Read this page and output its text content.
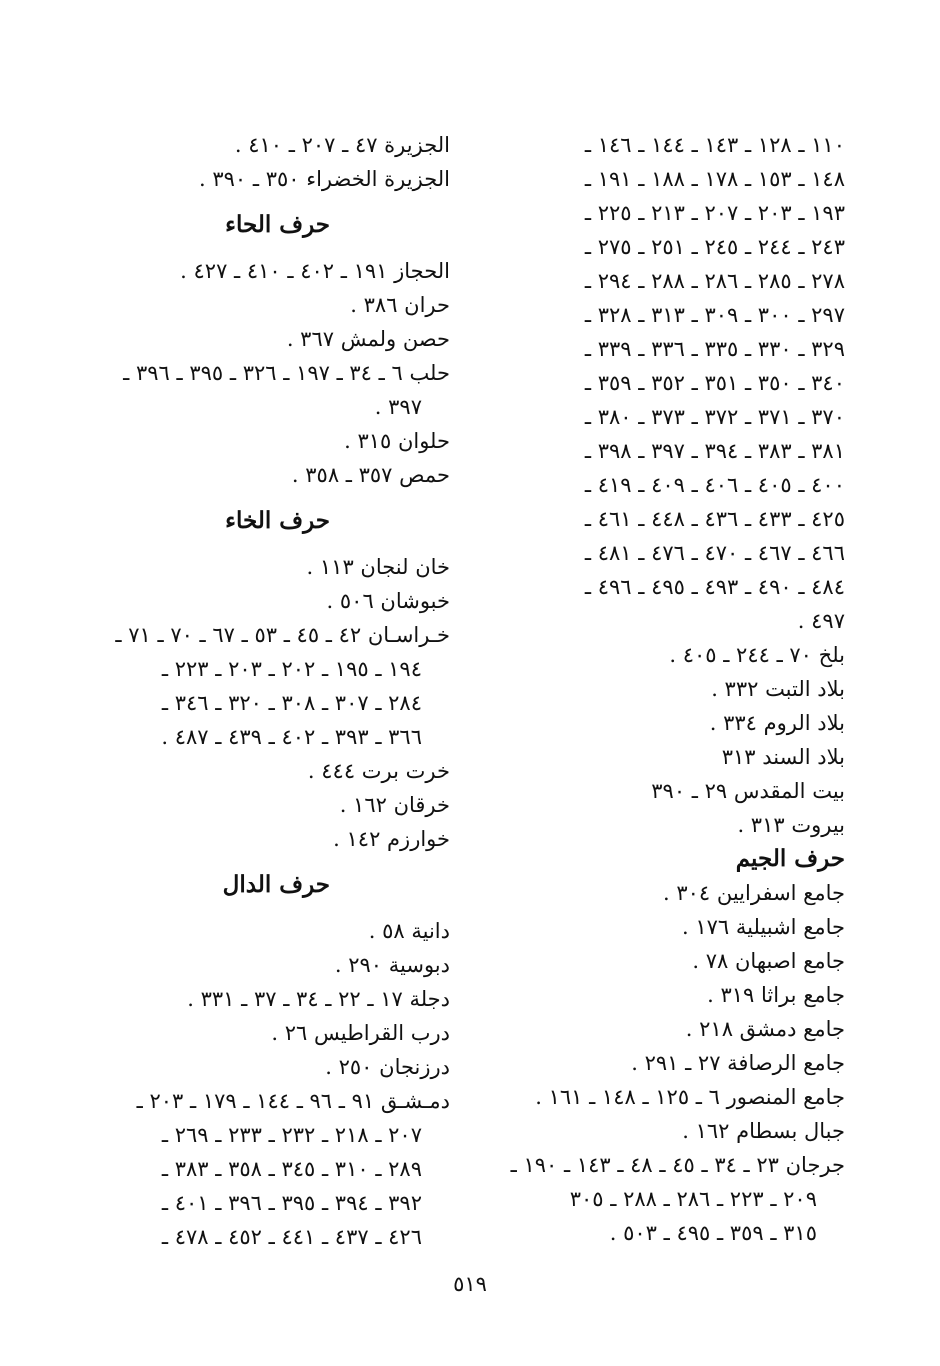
الجزيرة ٤٧ ـ ٢٠٧ ـ ٤١٠ .
الجزيرة الخضراء ٣٥٠ ـ ٣٩٠ .
حرف الحاء
الحجاز ١٩١ ـ ٤٠٢ ـ ٤١٠ ـ ٤٢٧ .
حران ٣٨٦ .
حصن ولمش ٣٦٧ .
حلب ٦ ـ ٣٤ ـ ١٩٧ ـ ٣٢٦ ـ ٣٩٥ ـ ٣٩٦ ـ
٣٩٧ .
حلوان ٣١٥ .
حمص ٣٥٧ ـ ٣٥٨ .
حرف الخاء
خان لنجان ١١٣ .
خبوشان ٥٠٦ .
خـراسـان ٤٢ ـ ٤٥ ـ ٥٣ ـ ٦٧ ـ ٧٠ ـ ٧١ ـ
١٩٤ ـ ١٩٥ ـ ٢٠٢ ـ ٢٠٣ ـ ٢٢٣ ـ
٢٨٤ ـ ٣٠٧ ـ ٣٠٨ ـ ٣٢٠ ـ ٣٤٦ ـ
٣٦٦ ـ ٣٩٣ ـ ٤٠٢ ـ ٤٣٩ ـ ٤٨٧ .
خرت برت ٤٤٤ .
خرقان ١٦٢ .
خوارزم ١٤٢ .
حرف الدال
دانية ٥٨ .
دبوسية ٢٩٠ .
دجلة ١٧ ـ ٢٢ ـ ٣٤ ـ ٣٧ ـ ٣٣١ .
درب القراطيس ٢٦ .
درزنجان ٢٥٠ .
دمـشـق ٩١ ـ ٩٦ ـ ١٤٤ ـ ١٧٩ ـ ٢٠٣ ـ
٢٠٧ ـ ٢١٨ ـ ٢٣٢ ـ ٢٣٣ ـ ٢٦٩ ـ
٢٨٩ ـ ٣١٠ ـ ٣٤٥ ـ ٣٥٨ ـ ٣٨٣ ـ
٣٩٢ ـ ٣٩٤ ـ ٣٩٥ ـ ٣٩٦ ـ ٤٠١ ـ
٤٢٦ ـ ٤٣٧ ـ ٤٤١ ـ ٤٥٢ ـ ٤٧٨ ـ
١١٠ ـ ١٢٨ ـ ١٤٣ ـ ١٤٤ ـ ١٤٦ ـ
١٤٨ ـ ١٥٣ ـ ١٧٨ ـ ١٨٨ ـ ١٩١ ـ
١٩٣ ـ ٢٠٣ ـ ٢٠٧ ـ ٢١٣ ـ ٢٢٥ ـ
٢٤٣ ـ ٢٤٤ ـ ٢٤٥ ـ ٢٥١ ـ ٢٧٥ ـ
٢٧٨ ـ ٢٨٥ ـ ٢٨٦ ـ ٢٨٨ ـ ٢٩٤ ـ
٢٩٧ ـ ٣٠٠ ـ ٣٠٩ ـ ٣١٣ ـ ٣٢٨ ـ
٣٢٩ ـ ٣٣٠ ـ ٣٣٥ ـ ٣٣٦ ـ ٣٣٩ ـ
٣٤٠ ـ ٣٥٠ ـ ٣٥١ ـ ٣٥٢ ـ ٣٥٩ ـ
٣٧٠ ـ ٣٧١ ـ ٣٧٢ ـ ٣٧٣ ـ ٣٨٠ ـ
٣٨١ ـ ٣٨٣ ـ ٣٩٤ ـ ٣٩٧ ـ ٣٩٨ ـ
٤٠٠ ـ ٤٠٥ ـ ٤٠٦ ـ ٤٠٩ ـ ٤١٩ ـ
٤٢٥ ـ ٤٣٣ ـ ٤٣٦ ـ ٤٤٨ ـ ٤٦١ ـ
٤٦٦ ـ ٤٦٧ ـ ٤٧٠ ـ ٤٧٦ ـ ٤٨١ ـ
٤٨٤ ـ ٤٩٠ ـ ٤٩٣ ـ ٤٩٥ ـ ٤٩٦ ـ
٤٩٧ .
بلخ ٧٠ ـ ٢٤٤ ـ ٤٠٥ .
بلاد التبت ٣٣٢ .
بلاد الروم ٣٣٤ .
بلاد السند ٣١٣
بيت المقدس ٢٩ ـ ٣٩٠
بيروت ٣١٣ .
حرف الجيم
جامع اسفرايين ٣٠٤ .
جامع اشبيلية ١٧٦ .
جامع اصبهان ٧٨ .
جامع براثا ٣١٩ .
جامع دمشق ٢١٨ .
جامع الرصافة ٢٧ ـ ٢٩١ .
جامع المنصور ٦ ـ ١٢٥ ـ ١٤٨ ـ ١٦١ .
جبال بسطام ١٦٢ .
جرجان ٢٣ ـ ٣٤ ـ ٤٥ ـ ٤٨ ـ ١٤٣ ـ ١٩٠ ـ
٢٠٩ ـ ٢٢٣ ـ ٢٨٦ ـ ٢٨٨ ـ ٣٠٥
٣١٥ ـ ٣٥٩ ـ ٤٩٥ ـ ٥٠٣ .
٥١٩
